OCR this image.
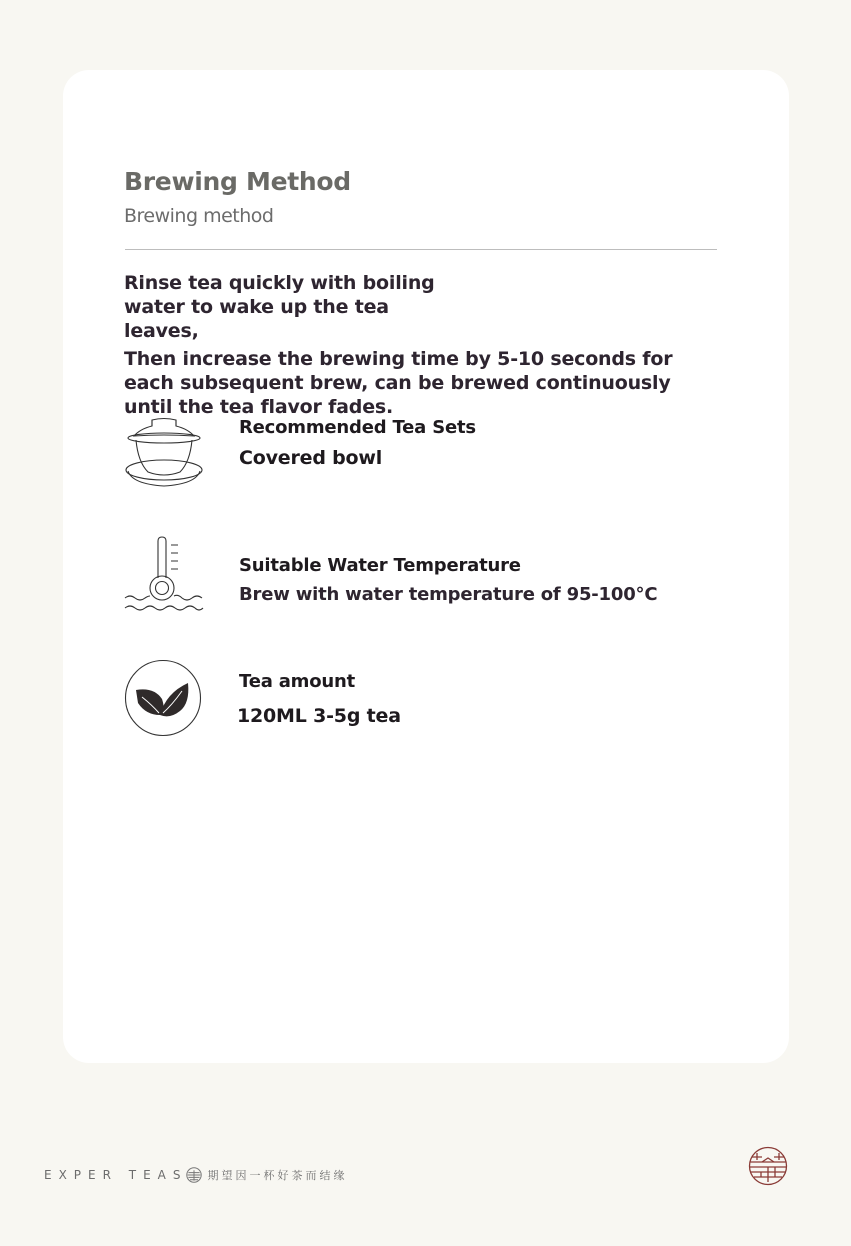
Brewing Method
Brewing method

Rinse tea quickly with boiling water to wake up the tea leaves,

Then increase the brewing time by 5-10 seconds for each subsequent brew, can be brewed continuously until the tea flavor fades.

Recommended Tea Sets
Covered bowl
Suitable Water Temperature
Brew with water temperature of 95-100°C
Tea amount
120ML 3-5g tea
EXPER TEAS 期望因一杯好茶而结缘
